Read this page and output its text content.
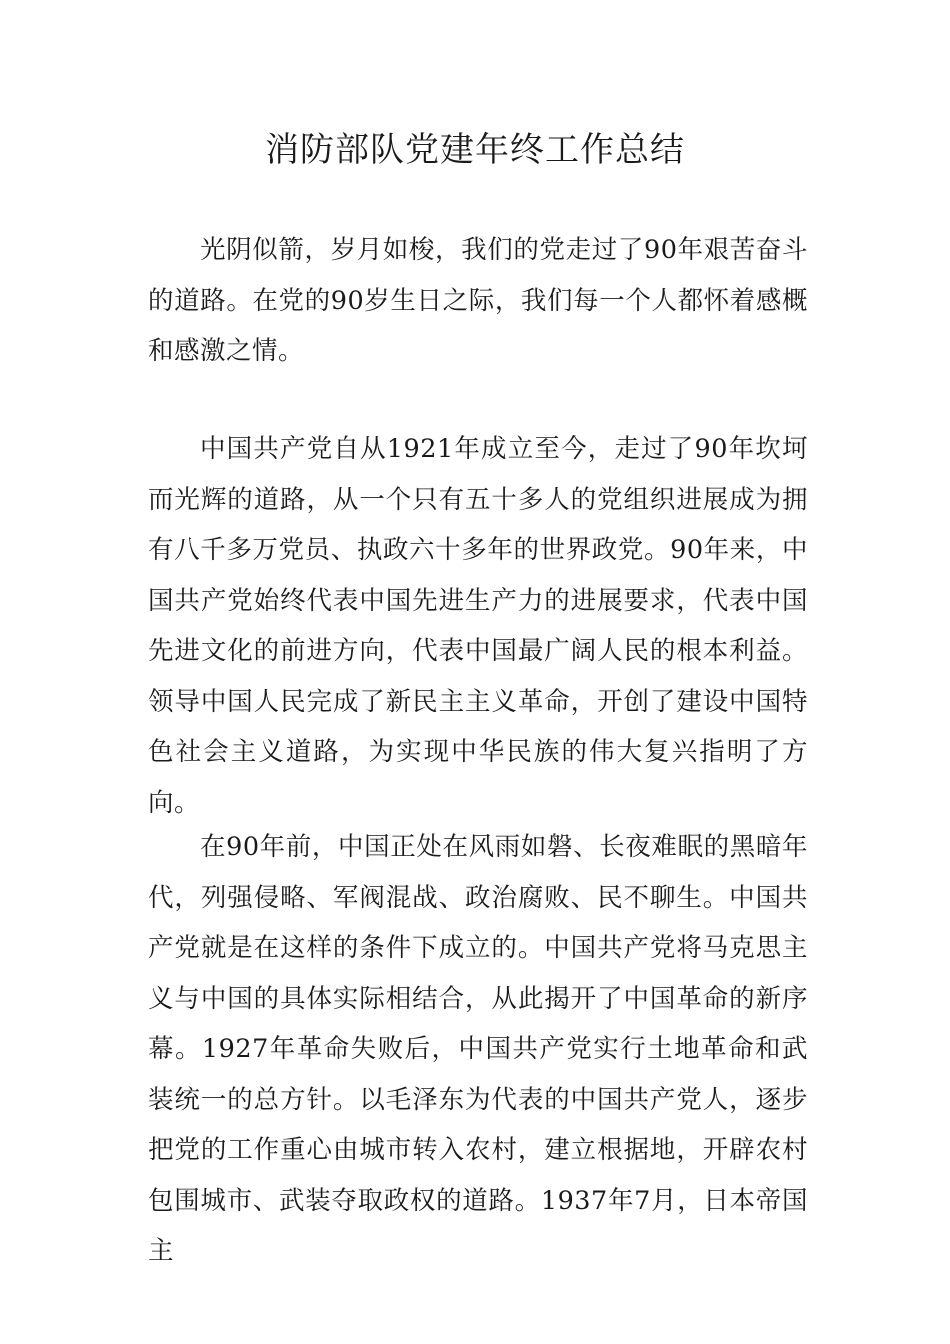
消防部队党建年终工作总结

光阴似箭，岁月如梭，我们的党走过了90年艰苦奋斗的道路。在党的90岁生日之际，我们每一个人都怀着感概和感激之情。

中国共产党自从1921年成立至今，走过了90年坎坷而光辉的道路，从一个只有五十多人的党组织进展成为拥有八千多万党员、执政六十多年的世界政党。90年来，中国共产党始终代表中国先进生产力的进展要求，代表中国先进文化的前进方向，代表中国最广阔人民的根本利益。领导中国人民完成了新民主主义革命，开创了建设中国特色社会主义道路，为实现中华民族的伟大复兴指明了方向。

在90年前，中国正处在风雨如磐、长夜难眠的黑暗年代，列强侵略、军阀混战、政治腐败、民不聊生。中国共产党就是在这样的条件下成立的。中国共产党将马克思主义与中国的具体实际相结合，从此揭开了中国革命的新序幕。1927年革命失败后，中国共产党实行土地革命和武装统一的总方针。以毛泽东为代表的中国共产党人，逐步把党的工作重心由城市转入农村，建立根据地，开辟农村包围城市、武装夺取政权的道路。1937年7月，日本帝国主
